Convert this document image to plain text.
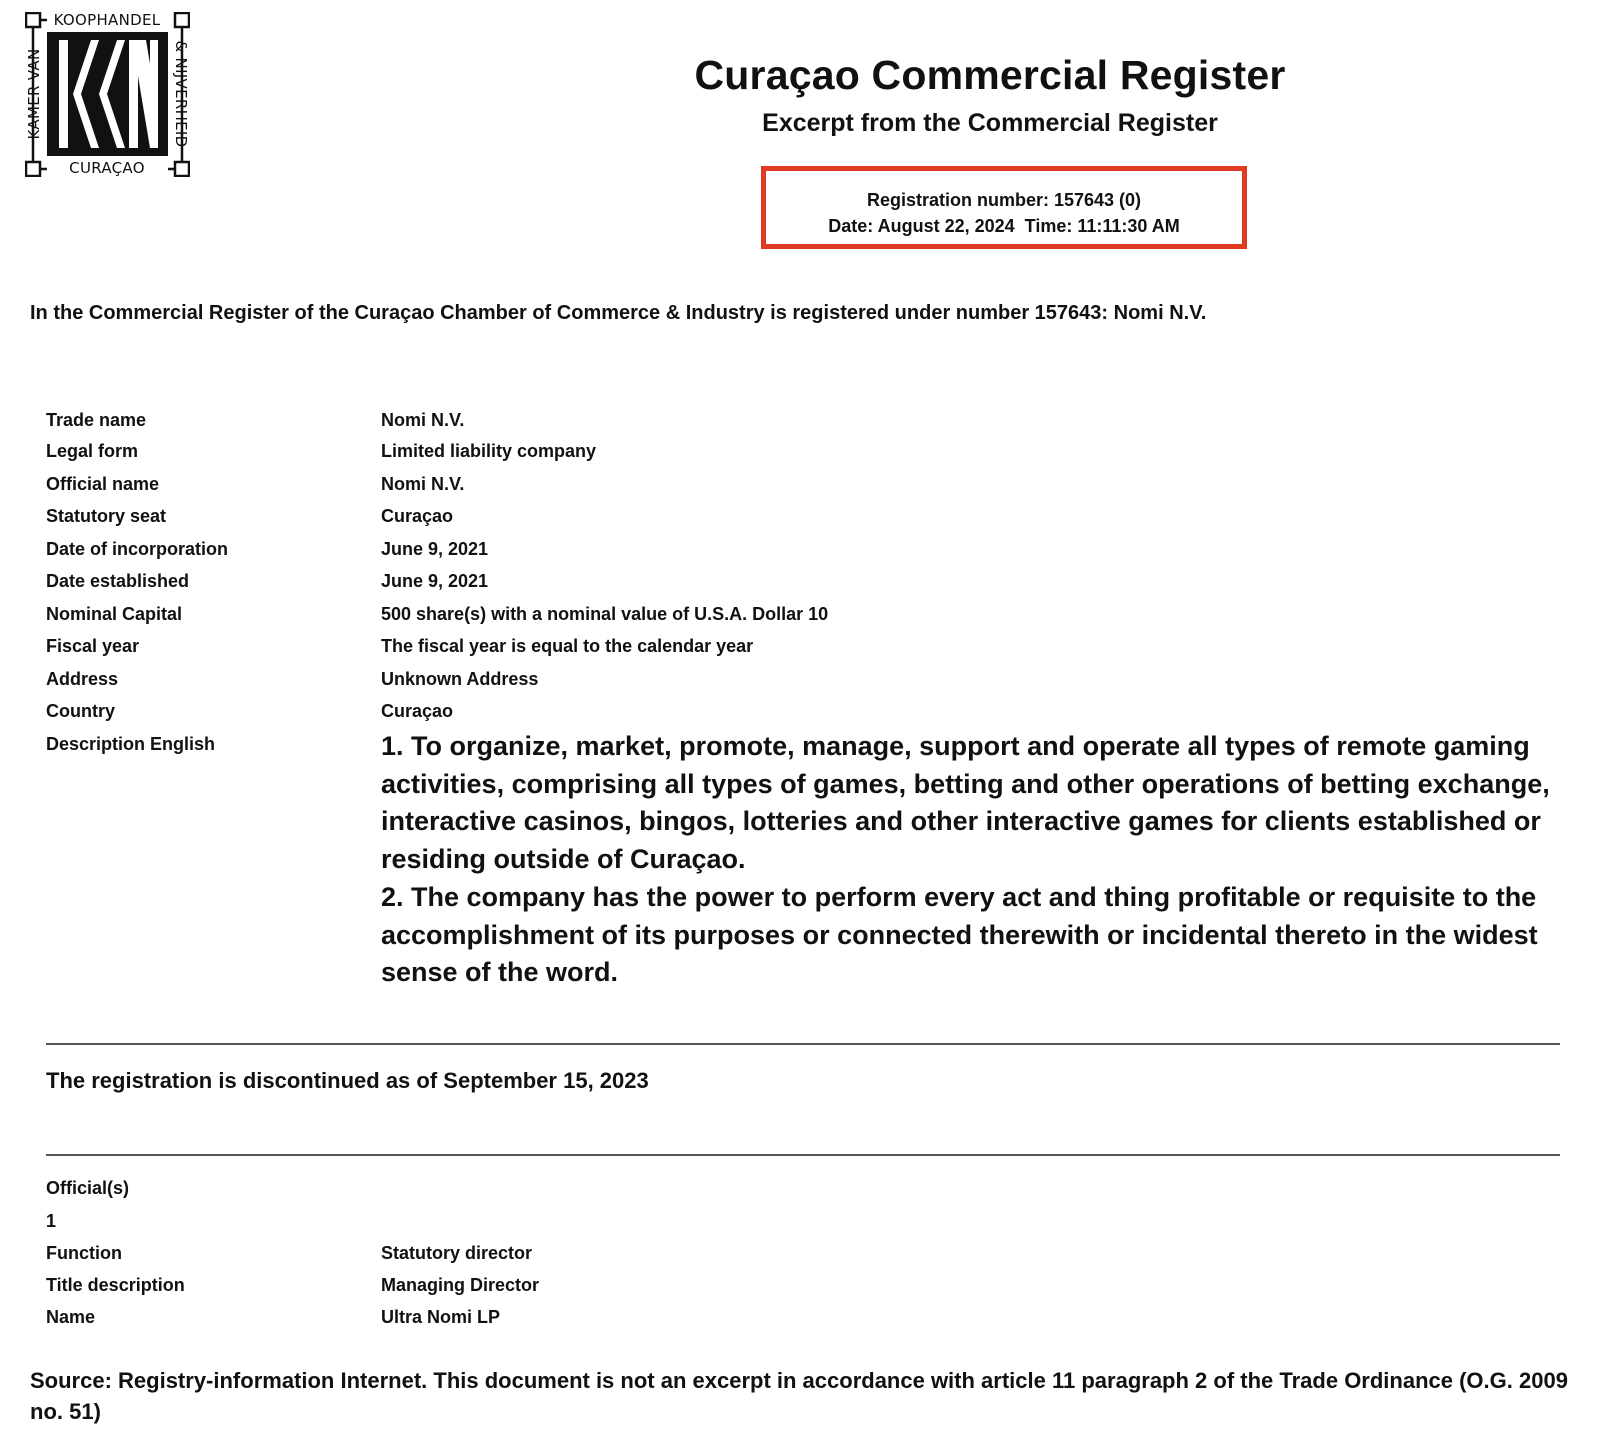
KOOPHANDEL
CURAÇAO
KAMER VAN	& NIJVERHEID	Curaçao Commercial Register
Excerpt from the Commercial Register
Registration number: 157643 (0)
Date: August 22, 2024  Time: 11:11:30 AM
In the Commercial Register of the Curaçao Chamber of Commerce & Industry is registered under number 157643: Nomi N.V.
Trade name	Nomi N.V.
Legal form	Limited liability company
Official name	Nomi N.V.
Statutory seat	Curaçao
Date of incorporation	June 9, 2021
Date established	June 9, 2021
Nominal Capital	500 share(s) with a nominal value of U.S.A. Dollar 10
Fiscal year	The fiscal year is equal to the calendar year
Address	Unknown Address
Country	Curaçao
Description English	1. To organize, market, promote, manage, support and operate all types of remote gaming activities, comprising all types of games, betting and other operations of betting exchange, interactive casinos, bingos, lotteries and other interactive games for clients established or residing outside of Curaçao.
2. The company has the power to perform every act and thing profitable or requisite to the accomplishment of its purposes or connected therewith or incidental thereto in the widest sense of the word.
The registration is discontinued as of September 15, 2023
Official(s)
1
Function	Statutory director
Title description	Managing Director
Name	Ultra Nomi LP
Source: Registry-information Internet. This document is not an excerpt in accordance with article 11 paragraph 2 of the Trade Ordinance (O.G. 2009 no. 51)
